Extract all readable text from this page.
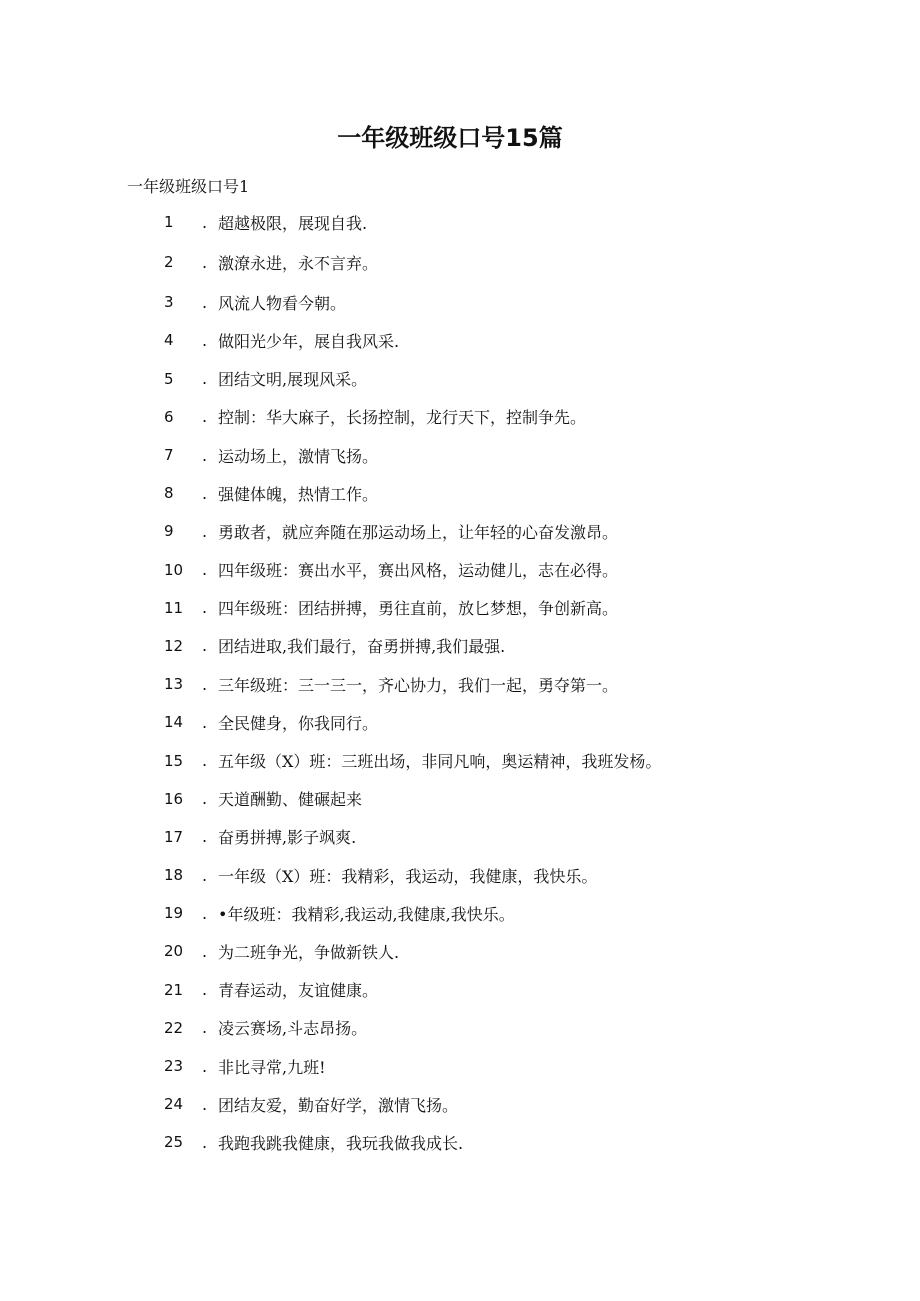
一年级班级口号15篇

一年级班级口号1

1	. 超越极限，展现自我.
2	. 激潦永进，永不言弃。
3	. 风流人物看今朝。
4	. 做阳光少年，展自我风采.
5	. 团结文明,展现风采。
6	. 控制：华大麻子，长扬控制，龙行天下，控制争先。
7	. 运动场上，激情飞扬。
8	. 强健体魄，热情工作。
9	. 勇敢者，就应奔随在那运动场上，让年轻的心奋发激昂。
10	. 四年级班：赛出水平，赛出风格，运动健儿，志在必得。
11	. 四年级班：团结拼搏，勇往直前，放匕梦想，争创新高。
12	. 团结进取,我们最行，奋勇拼搏,我们最强.
13	. 三年级班：三一三一，齐心协力，我们一起，勇夺第一。
14	. 全民健身，你我同行。
15	. 五年级（X）班：三班出场，非同凡响，奥运精神，我班发杨。
16	. 天道酬勤、健碾起来
17	. 奋勇拼搏,影子飒爽.
18	. 一年级（X）班：我精彩，我运动，我健康，我快乐。
19	. •年级班：我精彩,我运动,我健康,我快乐。
20	. 为二班争光，争做新铁人.
21	. 青春运动，友谊健康。
22	. 凌云赛场,斗志昂扬。
23	. 非比寻常,九班!
24	. 团结友爱，勤奋好学，激情飞扬。
25	. 我跑我跳我健康，我玩我做我成长.
